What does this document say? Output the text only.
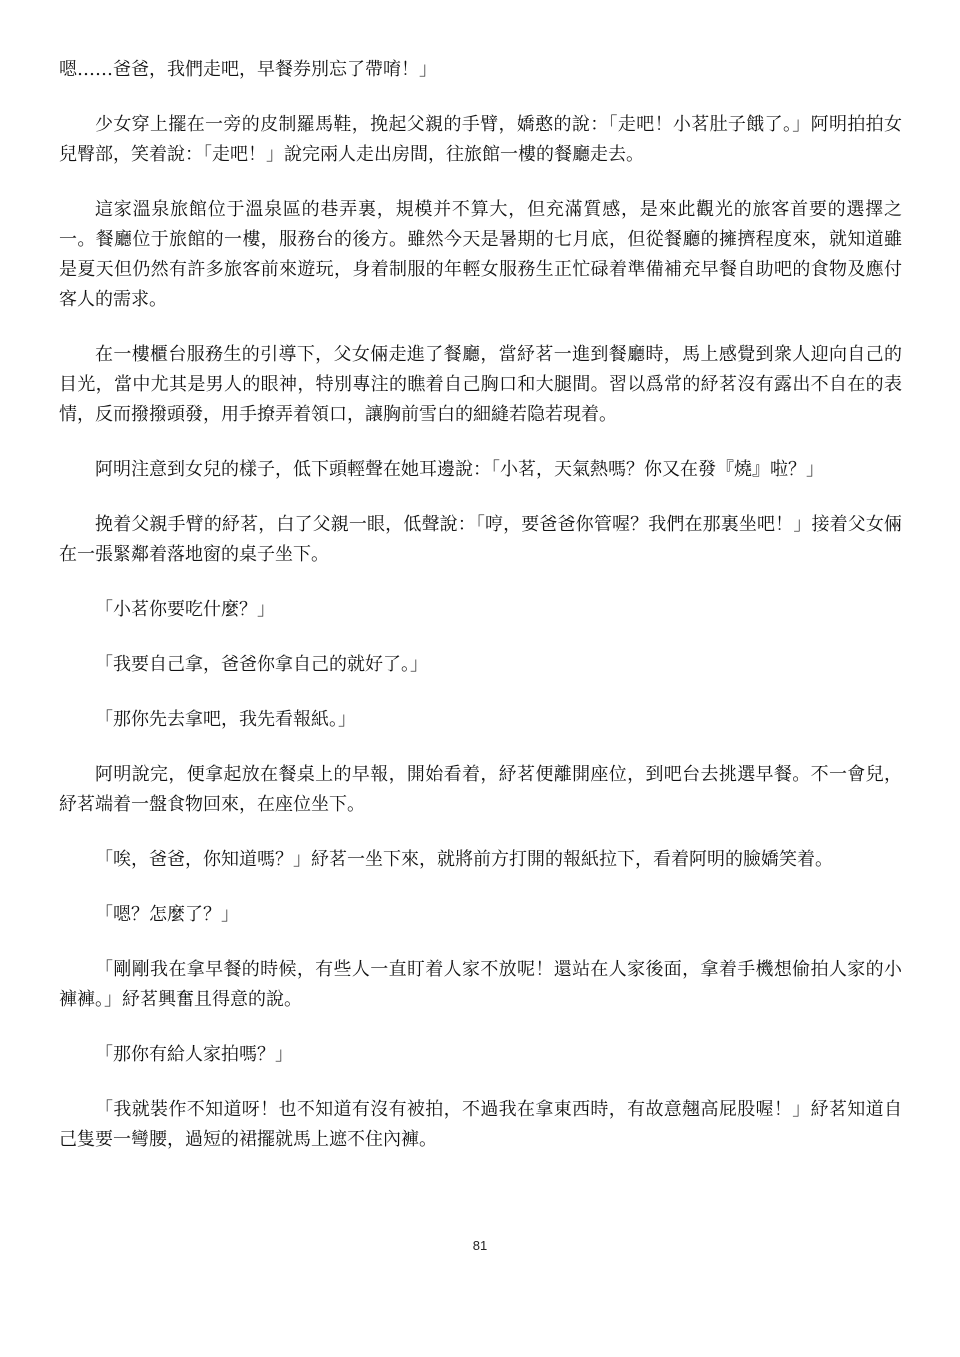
嗯……爸爸，我們走吧，早餐券別忘了帶唷！」

少女穿上擺在一旁的皮制羅馬鞋，挽起父親的手臂，嬌憨的說：「走吧！小茗肚子餓了。」阿明拍拍女兒臀部，笑着說：「走吧！」說完兩人走出房間，往旅館一樓的餐廳走去。

這家溫泉旅館位于溫泉區的巷弄裏，規模并不算大，但充滿質感，是來此觀光的旅客首要的選擇之一。餐廳位于旅館的一樓，服務台的後方。雖然今天是暑期的七月底，但從餐廳的擁擠程度來，就知道雖是夏天但仍然有許多旅客前來遊玩，身着制服的年輕女服務生正忙碌着準備補充早餐自助吧的食物及應付客人的需求。

在一樓櫃台服務生的引導下，父女倆走進了餐廳，當紓茗一進到餐廳時，馬上感覺到衆人迎向自己的目光，當中尤其是男人的眼神，特別專注的瞧着自己胸口和大腿間。習以爲常的紓茗沒有露出不自在的表情，反而撥撥頭發，用手撩弄着領口，讓胸前雪白的細縫若隐若現着。

阿明注意到女兒的樣子，低下頭輕聲在她耳邊說：「小茗，天氣熱嗎？你又在發『燒』啦？」

挽着父親手臂的紓茗，白了父親一眼，低聲說：「哼，要爸爸你管喔？我們在那裏坐吧！」接着父女倆在一張緊鄰着落地窗的桌子坐下。

「小茗你要吃什麼？」

「我要自己拿，爸爸你拿自己的就好了。」

「那你先去拿吧，我先看報紙。」

阿明說完，便拿起放在餐桌上的早報，開始看着，紓茗便離開座位，到吧台去挑選早餐。不一會兒，紓茗端着一盤食物回來，在座位坐下。

「唉，爸爸，你知道嗎？」紓茗一坐下來，就將前方打開的報紙拉下，看着阿明的臉嬌笑着。

「嗯？怎麼了？」

「剛剛我在拿早餐的時候，有些人一直盯着人家不放呢！還站在人家後面，拿着手機想偷拍人家的小褲褲。」紓茗興奮且得意的說。

「那你有給人家拍嗎？」

「我就裝作不知道呀！也不知道有沒有被拍，不過我在拿東西時，有故意翹高屁股喔！」紓茗知道自己隻要一彎腰，過短的裙擺就馬上遮不住內褲。

81
